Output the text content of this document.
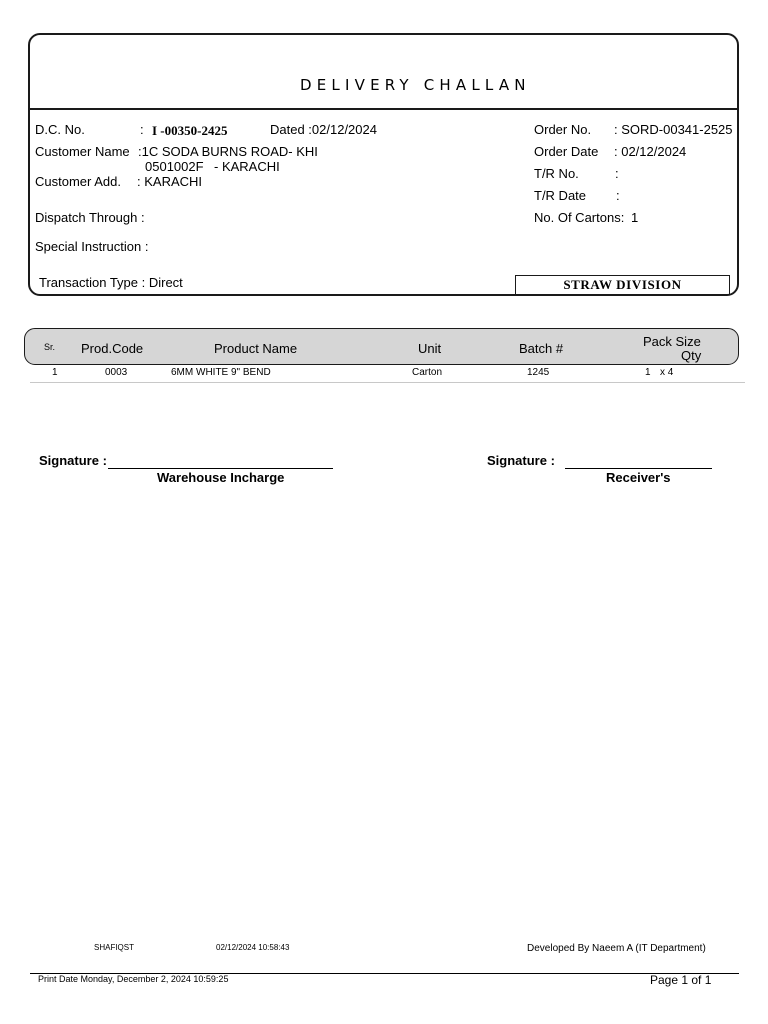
DELIVERY CHALLAN
D.C. No.	: I -00350-2425	Dated :02/12/2024
Customer Name :1C SODA BURNS ROAD- KHI
0501002F - KARACHI
Customer Add. : KARACHI
Dispatch Through :
Special Instruction :
Transaction Type : Direct
Order No. : SORD-00341-2525
Order Date : 02/12/2024
T/R No.	:
T/R Date :
No. Of Cartons: 1
STRAW DIVISION
Sr. Prod.Code	Product Name	Unit	Batch #	Pack Size
Qty
1	0003	6MM WHITE 9" BEND	Carton	1245	1 x 4
Signature :
Warehouse Incharge
Signature :
Receiver's
SHAFIQST	02/12/2024 10:58:43	Developed By Naeem A (IT Department)
Print Date Monday, December 2, 2024 10:59:25	Page 1 of 1
